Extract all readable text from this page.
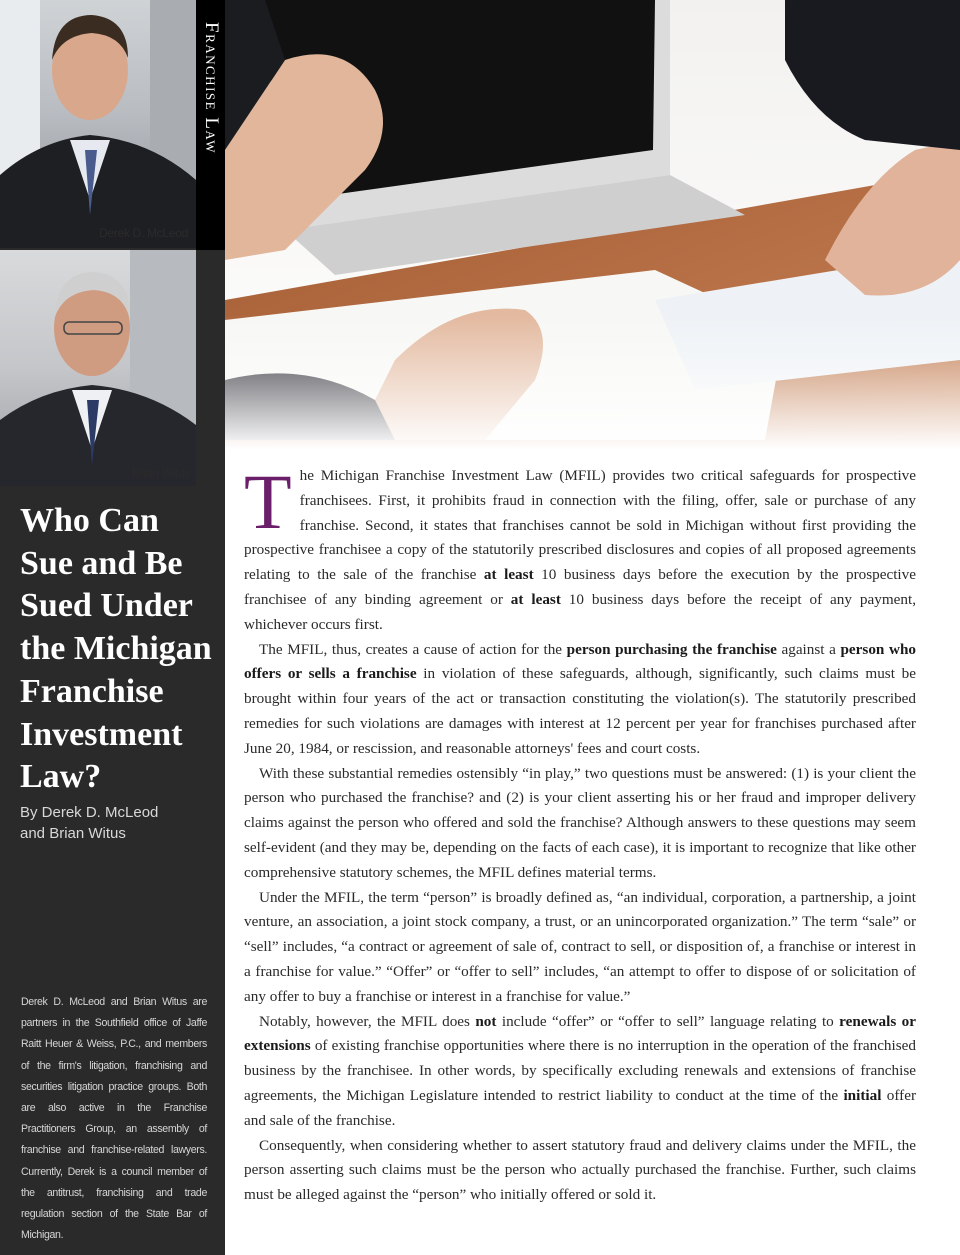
Derek D. McLeod
Brian Witus
Franchise Law
Who Can Sue and Be Sued Under the Michigan Franchise Investment Law?
By Derek D. McLeod
and Brian Witus
Derek D. McLeod and Brian Witus are partners in the Southfield office of Jaffe Raitt Heuer & Weiss, P.C., and members of the firm's litigation, franchising and securities litigation practice groups. Both are also active in the Franchise Practitioners Group, an assembly of franchise and franchise-related lawyers. Currently, Derek is a council member of the antitrust, franchising and trade regulation section of the State Bar of Michigan.

The Michigan Franchise Investment Law (MFIL) provides two critical safeguards for prospective franchisees. First, it prohibits fraud in connection with the filing, offer, sale or purchase of any franchise. Second, it states that franchises cannot be sold in Michigan without first providing the prospective franchisee a copy of the statutorily prescribed disclosures and copies of all proposed agreements relating to the sale of the franchise at least 10 business days before the execution by the prospective franchisee of any binding agreement or at least 10 business days before the receipt of any payment, whichever occurs first.

The MFIL, thus, creates a cause of action for the person purchasing the franchise against a person who offers or sells a franchise in violation of these safeguards, although, significantly, such claims must be brought within four years of the act or transaction constituting the violation(s). The statutorily prescribed remedies for such violations are damages with interest at 12 percent per year for franchises purchased after June 20, 1984, or rescission, and reasonable attorneys' fees and court costs.

With these substantial remedies ostensibly “in play,” two questions must be answered: (1) is your client the person who purchased the franchise? and (2) is your client asserting his or her fraud and improper delivery claims against the person who offered and sold the franchise? Although answers to these questions may seem self-evident (and they may be, depending on the facts of each case), it is important to recognize that like other comprehensive statutory schemes, the MFIL defines material terms.

Under the MFIL, the term “person” is broadly defined as, “an individual, corporation, a partnership, a joint venture, an association, a joint stock company, a trust, or an unincorporated organization.” The term “sale” or “sell” includes, “a contract or agreement of sale of, contract to sell, or disposition of, a franchise or interest in a franchise for value.” “Offer” or “offer to sell” includes, “an attempt to offer to dispose of or solicitation of any offer to buy a franchise or interest in a franchise for value.”

Notably, however, the MFIL does not include “offer” or “offer to sell” language relating to renewals or extensions of existing franchise opportunities where there is no interruption in the operation of the franchised business by the franchisee. In other words, by specifically excluding renewals and extensions of franchise agreements, the Michigan Legislature intended to restrict liability to conduct at the time of the initial offer and sale of the franchise.

Consequently, when considering whether to assert statutory fraud and delivery claims under the MFIL, the person asserting such claims must be the person who actually purchased the franchise. Further, such claims must be alleged against the “person” who initially offered or sold it.
